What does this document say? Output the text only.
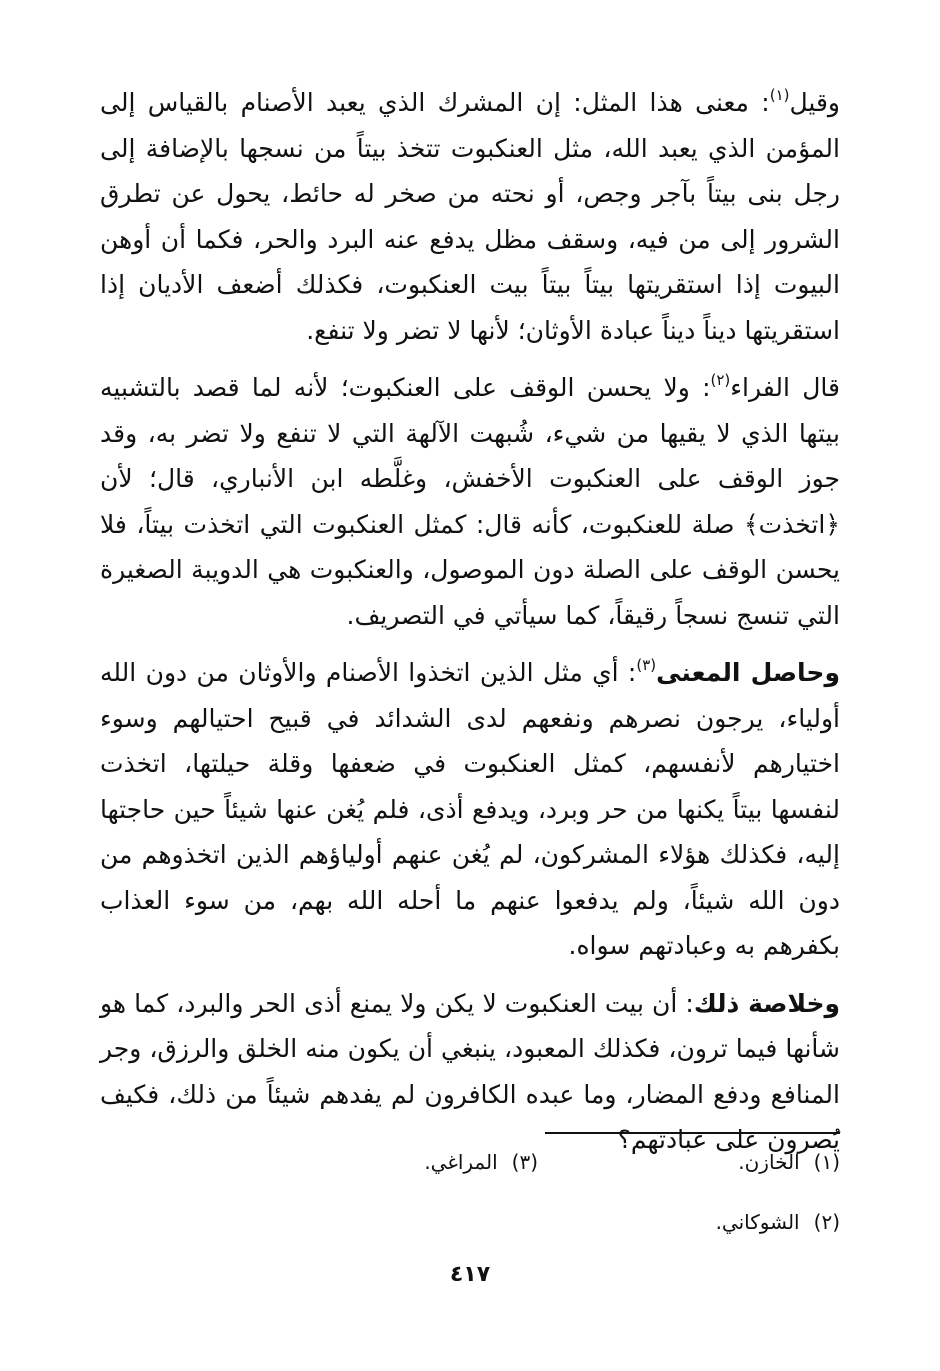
وقيل$^{(١)}$: معنى هذا المثل: إن المشرك الذي يعبد الأصنام بالقياس إلى المؤمن الذي يعبد الله، مثل العنكبوت تتخذ بيتاً من نسجها بالإضافة إلى رجل بنى بيتاً بآجر وجص، أو نحته من صخر له حائط، يحول عن تطرق الشرور إلى من فيه، وسقف مظل يدفع عنه البرد والحر، فكما أن أوهن البيوت إذا استقريتها بيتاً بيتاً بيت العنكبوت، فكذلك أضعف الأديان إذا استقريتها ديناً ديناً عبادة الأوثان؛ لأنها لا تضر ولا تنفع.

قال الفراء$^{(٢)}$: ولا يحسن الوقف على العنكبوت؛ لأنه لما قصد بالتشبيه بيتها الذي لا يقيها من شيء، شُبهت الآلهة التي لا تنفع ولا تضر به، وقد جوز الوقف على العنكبوت الأخفش، وغلَّطه ابن الأنباري، قال؛ لأن ﴿اتخذت﴾ صلة للعنكبوت، كأنه قال: كمثل العنكبوت التي اتخذت بيتاً، فلا يحسن الوقف على الصلة دون الموصول، والعنكبوت هي الدويبة الصغيرة التي تنسج نسجاً رقيقاً، كما سيأتي في التصريف.

وحاصل المعنى$^{(٣)}$: أي مثل الذين اتخذوا الأصنام والأوثان من دون الله أولياء، يرجون نصرهم ونفعهم لدى الشدائد في قبيح احتيالهم وسوء اختيارهم لأنفسهم، كمثل العنكبوت في ضعفها وقلة حيلتها، اتخذت لنفسها بيتاً يكنها من حر وبرد، ويدفع أذى، فلم يُغن عنها شيئاً حين حاجتها إليه، فكذلك هؤلاء المشركون، لم يُغن عنهم أولياؤهم الذين اتخذوهم من دون الله شيئاً، ولم يدفعوا عنهم ما أحله الله بهم، من سوء العذاب بكفرهم به وعبادتهم سواه.

وخلاصة ذلك: أن بيت العنكبوت لا يكن ولا يمنع أذى الحر والبرد، كما هو شأنها فيما ترون، فكذلك المعبود، ينبغي أن يكون منه الخلق والرزق، وجر المنافع ودفع المضار، وما عبده الكافرون لم يفدهم شيئاً من ذلك، فكيف يُصرون على عبادتهم؟

(١)الخازن.
(٣)المراغي.
(٢)الشوكاني.
٤١٧
